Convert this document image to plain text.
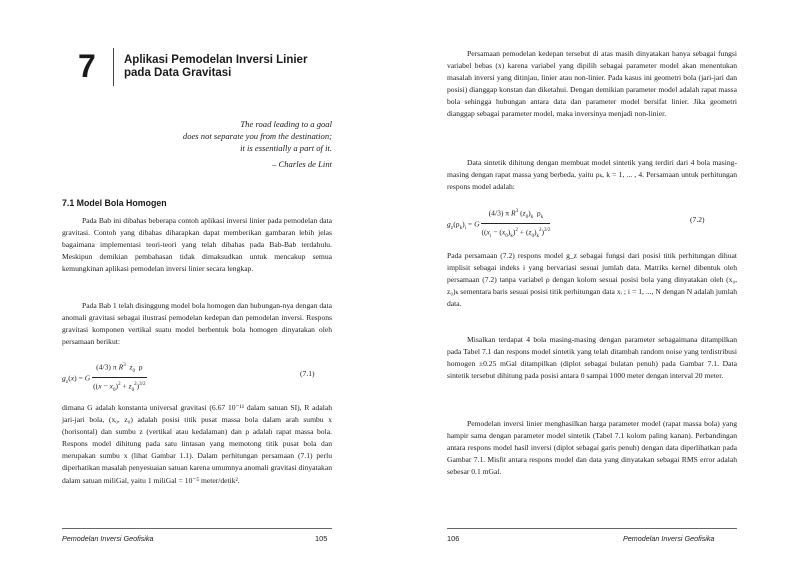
7 Aplikasi Pemodelan Inversi Linier
pada Data Gravitasi
The road leading to a goal
does not separate you from the destination;
it is essentially a part of it.
– Charles de Lint
7.1 Model Bola Homogen

Pada Bab ini dibahas beberapa contoh aplikasi inversi linier pada pemodelan data gravitasi. Contoh yang dibahas diharapkan dapat memberikan gambaran lebih jelas bagaimana implementasi teori-teori yang telah dibahas pada Bab-Bab terdahulu. Meskipun demikian pembahasan tidak dimaksudkan untuk mencakup semua kemungkinan aplikasi pemodelan inversi linier secara lengkap.

Pada Bab 1 telah disinggung model bola homogen dan hubungan-nya dengan data anomali gravitasi sebagai ilustrasi pemodelan kedepan dan pemodelan inversi. Respons gravitasi komponen vertikal suatu model berbentuk bola homogen dinyatakan oleh persamaan berikut:

$g_z(x) = G \frac{(4/3) \pi R^3 z_0 \rho}{((x - x_0)^2 + z_0^2)^{3/2}}$	(7.1)

dimana G adalah konstanta universal gravitasi (6.67 10⁻¹¹ dalam satuan SI), R adalah jari-jari bola, (x₀, z₀) adalah posisi titik pusat massa bola dalam arah sumbu x (horisontal) dan sumbu z (vertikal atau kedalaman) dan ρ adalah rapat massa bola. Respons model dihitung pada satu lintasan yang memotong titik pusat bola dan merupakan sumbu x (lihat Gambar 1.1). Dalam perhitungan persamaan (7.1) perlu diperhatikan masalah penyesuaian satuan karena umumnya anomali gravitasi dinyatakan dalam satuan miliGal, yaitu 1 miliGal = 10⁻⁵ meter/detik².

Pemodelan Inversi Geofisika	105

Persamaan pemodelan kedepan tersebut di atas masih dinyatakan hanya sebagai fungsi variabel bebas (x) karena variabel yang dipilih sebagai parameter model akan menentukan masalah inversi yang ditinjau, linier atau non-linier. Pada kasus ini geometri bola (jari-jari dan posisi) dianggap konstan dan diketahui. Dengan demikian parameter model adalah rapat massa bola sehingga hubungan antara data dan parameter model bersifat linier. Jika geometri dianggap sebagai parameter model, maka inversinya menjadi non-linier.

Data sintetik dihitung dengan membuat model sintetik yang terdiri dari 4 bola masing-masing dengan rapat massa yang berbeda, yaitu ρₖ, k = 1, ... , 4. Persamaan untuk perhitungan respons model adalah:

$g_z(\rho_k)_i = G \frac{(4/3) \pi R^3 (z_0)_k \rho_k}{((x_i - (x_0)_k)^2 + (z_0)_k^2)^{3/2}}$	(7.2)

Pada persamaan (7.2) respons model g_z sebagai fungsi dari posisi titik perhitungan dihuat implisit sebagai indeks i yang bervariasi sesuai jumlah data. Matriks kernel dibentuk oleh persamaan (7.2) tanpa variabel ρ dengan kolom sesuai posisi bola yang dinyatakan oleh (x₀, z₀)ₖ sementara baris sesuai posisi titik perhitungan data xᵢ ; i = 1, ..., N dengan N adalah jumlah data.

Misalkan terdapat 4 bola masing-masing dengan parameter sebagaimana ditampilkan pada Tabel 7.1 dan respons model sintetik yang telah ditambah random noise yang terdistribusi homogen ±0.25 mGal ditampilkan (diplot sebagai bulatan penuh) pada Gambar 7.1. Data sintetik tersebut dihitung pada posisi antara 0 sampai 1000 meter dengan interval 20 meter.

Pemodelan inversi linier menghasilkan harga parameter model (rapat massa bola) yang hampir sama dengan parameter model sintetik (Tabel 7.1 kolom paling kanan). Perbandingan antara respons model hasil inversi (diplot sebagai garis penuh) dengan data diperlihatkan pada Gambar 7.1. Misfit antara respons model dan data yang dinyatakan sebagai RMS error adalah sebesar 0.1 mGal.

106	Pemodelan Inversi Geofisika
